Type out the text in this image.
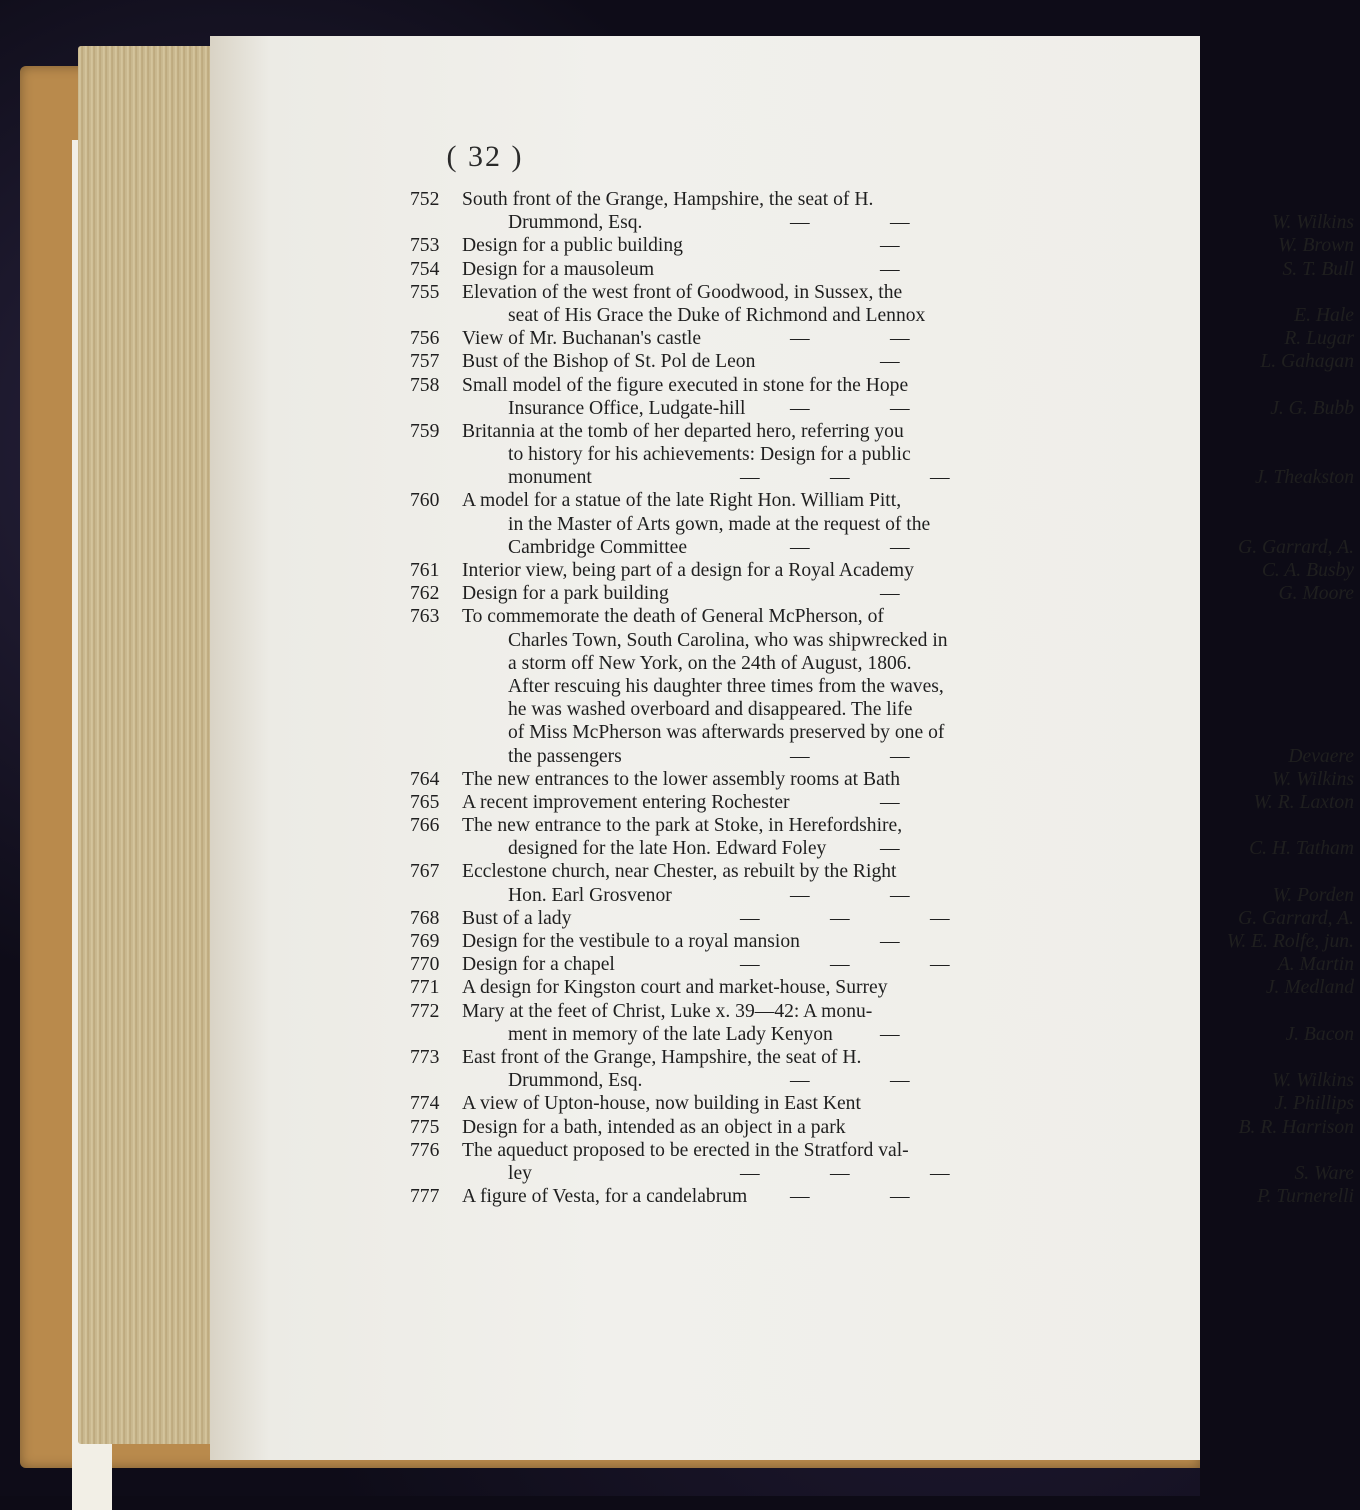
( 32 )
752	South front of the Grange, Hampshire, the seat of H.
Drummond, Esq.	—	—	W. Wilkins
753	Design for a public building	—	W. Brown
754	Design for a mausoleum	—	S. T. Bull
755	Elevation of the west front of Goodwood, in Sussex, the
seat of His Grace the Duke of Richmond and Lennox	E. Hale
756	View of Mr. Buchanan's castle	—	—	R. Lugar
757	Bust of the Bishop of St. Pol de Leon	—	L. Gahagan
758	Small model of the figure executed in stone for the Hope
Insurance Office, Ludgate-hill —	—	J. G. Bubb
759	Britannia at the tomb of her departed hero, referring you
to history for his achievements: Design for a public
monument	—	—	—	J. Theakston
760	A model for a statue of the late Right Hon. William Pitt,
in the Master of Arts gown, made at the request of the
Cambridge Committee	—	—	G. Garrard, A.
761	Interior view, being part of a design for a Royal Academy	C. A. Busby
762	Design for a park building	—	G. Moore
763	To commemorate the death of General McPherson, of
Charles Town, South Carolina, who was shipwrecked in
a storm off New York, on the 24th of August, 1806.
After rescuing his daughter three times from the waves,
he was washed overboard and disappeared. The life
of Miss McPherson was afterwards preserved by one of
the passengers	—	—	Devaere
764	The new entrances to the lower assembly rooms at Bath	W. Wilkins
765	A recent improvement entering Rochester	—	W. R. Laxton
766	The new entrance to the park at Stoke, in Herefordshire,
designed for the late Hon. Edward Foley	—	C. H. Tatham
767	Ecclestone church, near Chester, as rebuilt by the Right
Hon. Earl Grosvenor	—	—	W. Porden
768	Bust of a lady	—	—	—	G. Garrard, A.
769	Design for the vestibule to a royal mansion	—	W. E. Rolfe, jun.
770	Design for a chapel	—	—	—	A. Martin
771	A design for Kingston court and market-house, Surrey	J. Medland
772	Mary at the feet of Christ, Luke x. 39—42: A monu-
ment in memory of the late Lady Kenyon —	J. Bacon
773	East front of the Grange, Hampshire, the seat of H.
Drummond, Esq.	—	—	W. Wilkins
774	A view of Upton-house, now building in East Kent	J. Phillips
775	Design for a bath, intended as an object in a park	B. R. Harrison
776	The aqueduct proposed to be erected in the Stratford val-
ley	—	—	—	S. Ware
777	A figure of Vesta, for a candelabrum —	—	P. Turnerelli
